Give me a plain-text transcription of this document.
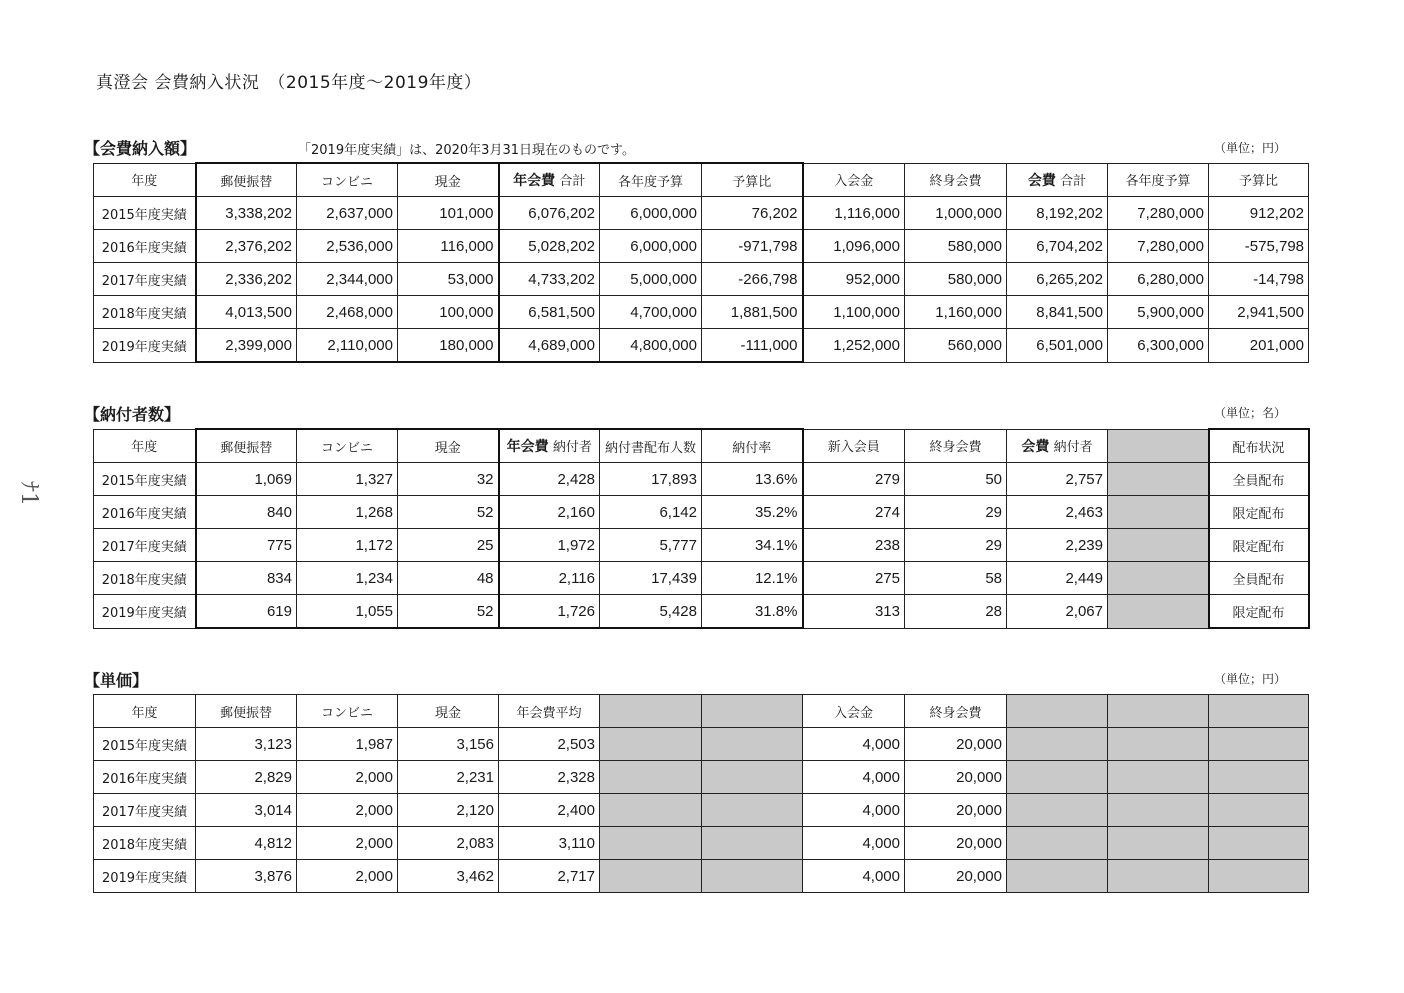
真澄会 会費納入状況　（2015年度～2019年度）
ﾅ1
【会費納入額】	「2019年度実績」は、2020年3月31日現在のものです。	（単位；円）
年度	郵便振替	コンビニ	現金	年会費 合計	各年度予算	予算比	入会金	終身会費	会費 合計	各年度予算	予算比
2015年度実績	3,338,202	2,637,000	101,000	6,076,202	6,000,000	76,202	1,116,000	1,000,000	8,192,202	7,280,000	912,202
2016年度実績	2,376,202	2,536,000	116,000	5,028,202	6,000,000	-971,798	1,096,000	580,000	6,704,202	7,280,000	-575,798
2017年度実績	2,336,202	2,344,000	53,000	4,733,202	5,000,000	-266,798	952,000	580,000	6,265,202	6,280,000	-14,798
2018年度実績	4,013,500	2,468,000	100,000	6,581,500	4,700,000	1,881,500	1,100,000	1,160,000	8,841,500	5,900,000	2,941,500
2019年度実績	2,399,000	2,110,000	180,000	4,689,000	4,800,000	-111,000	1,252,000	560,000	6,501,000	6,300,000	201,000
【納付者数】	（単位；名）
年度	郵便振替	コンビニ	現金	年会費 納付者	納付書配布人数	納付率	新入会員	終身会費	会費 納付者		配布状況
2015年度実績	1,069	1,327	32	2,428	17,893	13.6%	279	50	2,757		全員配布
2016年度実績	840	1,268	52	2,160	6,142	35.2%	274	29	2,463		限定配布
2017年度実績	775	1,172	25	1,972	5,777	34.1%	238	29	2,239		限定配布
2018年度実績	834	1,234	48	2,116	17,439	12.1%	275	58	2,449		全員配布
2019年度実績	619	1,055	52	1,726	5,428	31.8%	313	28	2,067		限定配布
【単価】	（単位；円）
年度	郵便振替	コンビニ	現金	年会費平均			入会金	終身会費			
2015年度実績	3,123	1,987	3,156	2,503			4,000	20,000			
2016年度実績	2,829	2,000	2,231	2,328			4,000	20,000			
2017年度実績	3,014	2,000	2,120	2,400			4,000	20,000			
2018年度実績	4,812	2,000	2,083	3,110			4,000	20,000			
2019年度実績	3,876	2,000	3,462	2,717			4,000	20,000			
